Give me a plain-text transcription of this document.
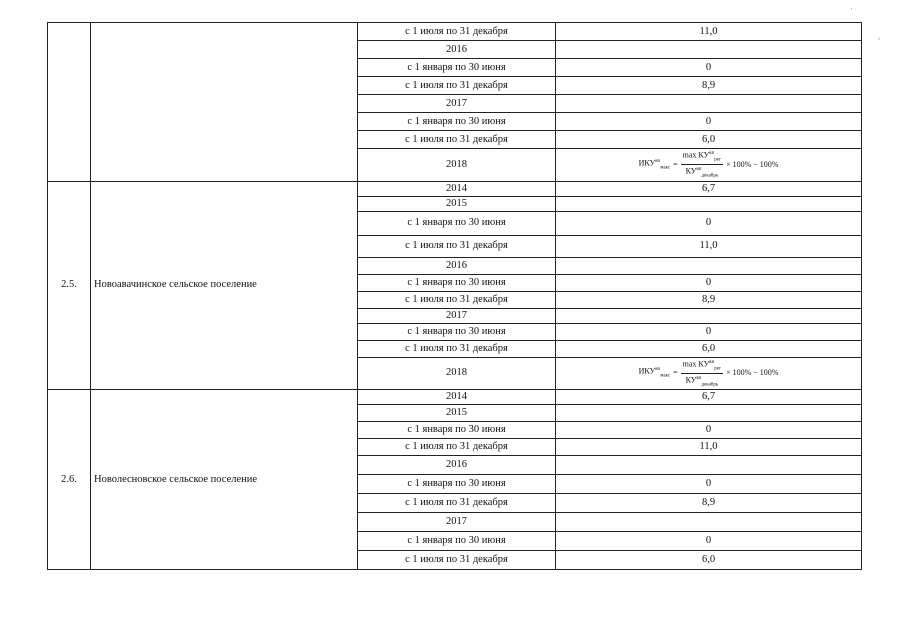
		с 1 июля по 31 декабря	11,0
		2016	
		с 1 января по 30 июня	0
		с 1 июля по 31 декабря	8,9
		2017	
		с 1 января по 30 июня	0
		с 1 июля по 31 декабря	6,0
		2018	$ИКУ^{вп}_{макс} = \frac{\max КУ^{вп}_{рег}}{КУ^{вп}_{декабрь}} \times 100\% - 100\%$

2.5.	Новоавачинское сельское поселение	2014	6,7
		2015	
		с 1 января по 30 июня	0
		с 1 июля по 31 декабря	11,0
		2016	
		с 1 января по 30 июня	0
		с 1 июля по 31 декабря	8,9
		2017	
		с 1 января по 30 июня	0
		с 1 июля по 31 декабря	6,0
		2018	$ИКУ^{вп}_{макс} = \frac{\max КУ^{вп}_{рег}}{КУ^{вп}_{декабрь}} \times 100\% - 100\%$

2.6.	Новолесновское сельское поселение	2014	6,7
		2015	
		с 1 января по 30 июня	0
		с 1 июля по 31 декабря	11,0
		2016	
		с 1 января по 30 июня	0
		с 1 июля по 31 декабря	8,9
		2017	
		с 1 января по 30 июня	0
		с 1 июля по 31 декабря	6,0
'
›
